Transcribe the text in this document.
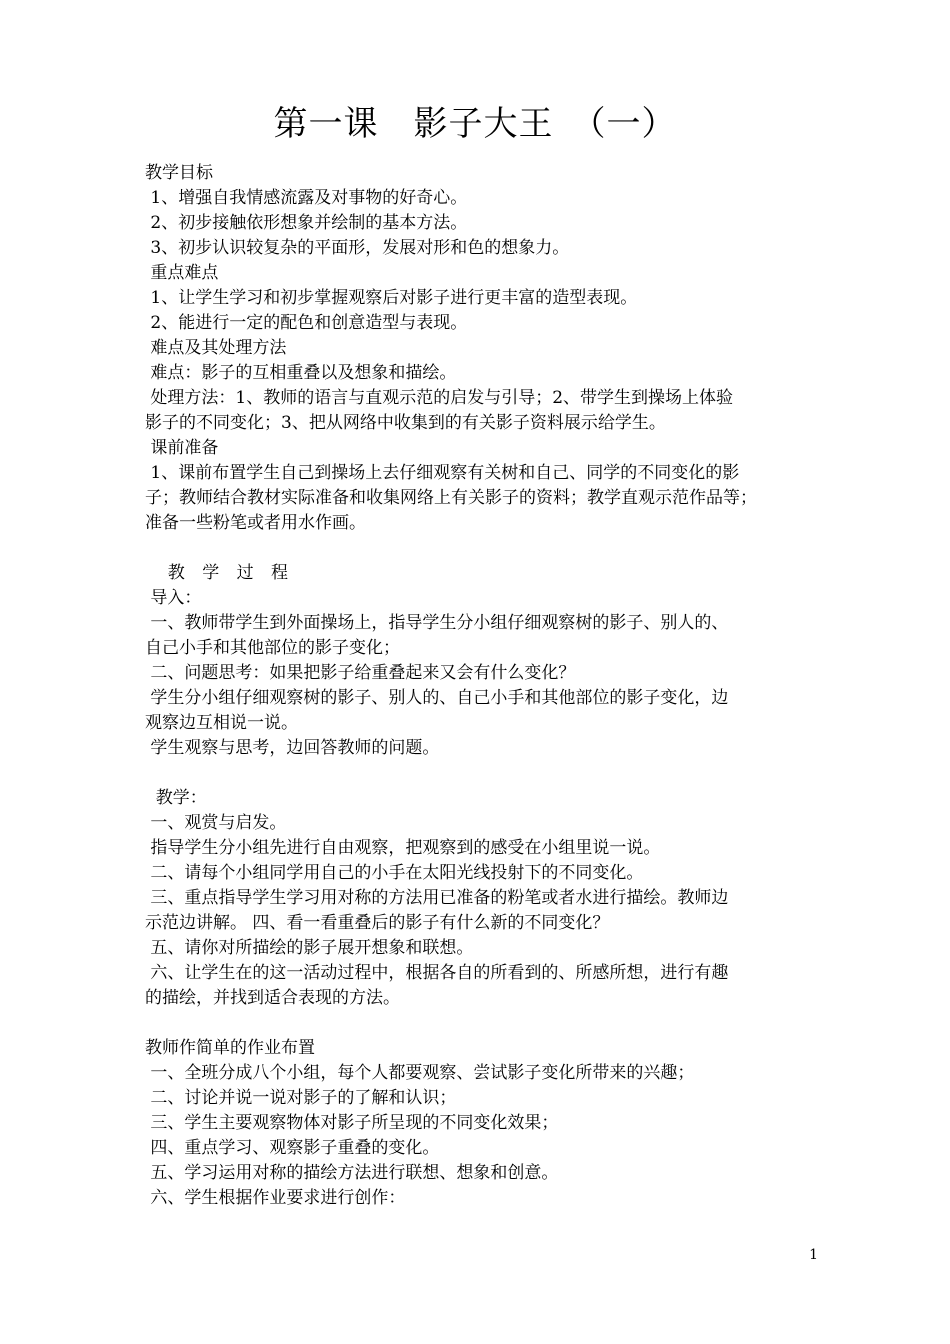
第一课　影子大王　（一）
教学目标
1、增强自我情感流露及对事物的好奇心。
2、初步接触依形想象并绘制的基本方法。
3、初步认识较复杂的平面形，发展对形和色的想象力。
重点难点
1、让学生学习和初步掌握观察后对影子进行更丰富的造型表现。
2、能进行一定的配色和创意造型与表现。
难点及其处理方法
难点：影子的互相重叠以及想象和描绘。
处理方法：1、教师的语言与直观示范的启发与引导；2、带学生到操场上体验
影子的不同变化；3、把从网络中收集到的有关影子资料展示给学生。
课前准备
1、课前布置学生自己到操场上去仔细观察有关树和自己、同学的不同变化的影
子；教师结合教材实际准备和收集网络上有关影子的资料；教学直观示范作品等；
准备一些粉笔或者用水作画。
教 学 过 程
导入：
一、教师带学生到外面操场上，指导学生分小组仔细观察树的影子、别人的、
自己小手和其他部位的影子变化；
二、问题思考：如果把影子给重叠起来又会有什么变化？
学生分小组仔细观察树的影子、别人的、自己小手和其他部位的影子变化，边
观察边互相说一说。
学生观察与思考，边回答教师的问题。
教学：
一、观赏与启发。
指导学生分小组先进行自由观察，把观察到的感受在小组里说一说。
二、请每个小组同学用自己的小手在太阳光线投射下的不同变化。
三、重点指导学生学习用对称的方法用已准备的粉笔或者水进行描绘。教师边
示范边讲解。 四、看一看重叠后的影子有什么新的不同变化？
五、请你对所描绘的影子展开想象和联想。
六、让学生在的这一活动过程中，根据各自的所看到的、所感所想，进行有趣
的描绘，并找到适合表现的方法。
教师作简单的作业布置
一、全班分成八个小组，每个人都要观察、尝试影子变化所带来的兴趣；
二、讨论并说一说对影子的了解和认识；
三、学生主要观察物体对影子所呈现的不同变化效果；
四、重点学习、观察影子重叠的变化。
五、学习运用对称的描绘方法进行联想、想象和创意。
六、学生根据作业要求进行创作：
1
